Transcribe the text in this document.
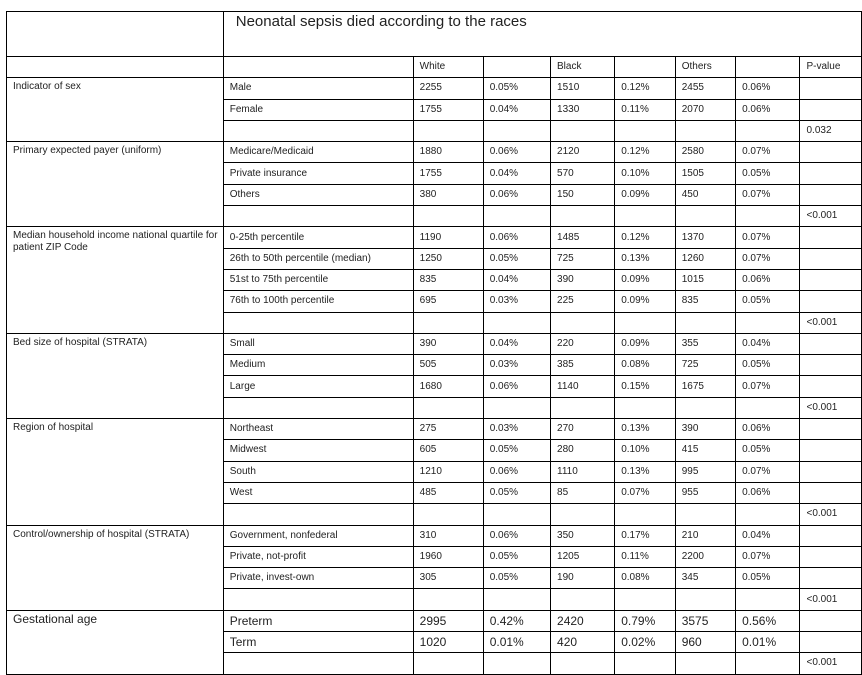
	Neonatal sepsis died according to the races							
		White		Black		Others		P-value
Indicator of sex	Male	2255	0.05%	1510	0.12%	2455	0.06%	
	Female	1755	0.04%	1330	0.11%	2070	0.06%	
								0.032
Primary expected payer (uniform)	Medicare/Medicaid	1880	0.06%	2120	0.12%	2580	0.07%	
	Private insurance	1755	0.04%	570	0.10%	1505	0.05%	
	Others	380	0.06%	150	0.09%	450	0.07%	
								<0.001
Median household income national quartile for patient ZIP Code	0-25th percentile	1190	0.06%	1485	0.12%	1370	0.07%	
	26th to 50th percentile (median)	1250	0.05%	725	0.13%	1260	0.07%	
	51st to 75th percentile	835	0.04%	390	0.09%	1015	0.06%	
	76th to 100th percentile	695	0.03%	225	0.09%	835	0.05%	
								<0.001
Bed size of hospital (STRATA)	Small	390	0.04%	220	0.09%	355	0.04%	
	Medium	505	0.03%	385	0.08%	725	0.05%	
	Large	1680	0.06%	1140	0.15%	1675	0.07%	
								<0.001
Region of hospital	Northeast	275	0.03%	270	0.13%	390	0.06%	
	Midwest	605	0.05%	280	0.10%	415	0.05%	
	South	1210	0.06%	1110	0.13%	995	0.07%	
	West	485	0.05%	85	0.07%	955	0.06%	
								<0.001
Control/ownership of hospital (STRATA)	Government, nonfederal	310	0.06%	350	0.17%	210	0.04%	
	Private, not-profit	1960	0.05%	1205	0.11%	2200	0.07%	
	Private, invest-own	305	0.05%	190	0.08%	345	0.05%	
								<0.001
Gestational age	Preterm	2995	0.42%	2420	0.79%	3575	0.56%	
	Term	1020	0.01%	420	0.02%	960	0.01%	
								<0.001
